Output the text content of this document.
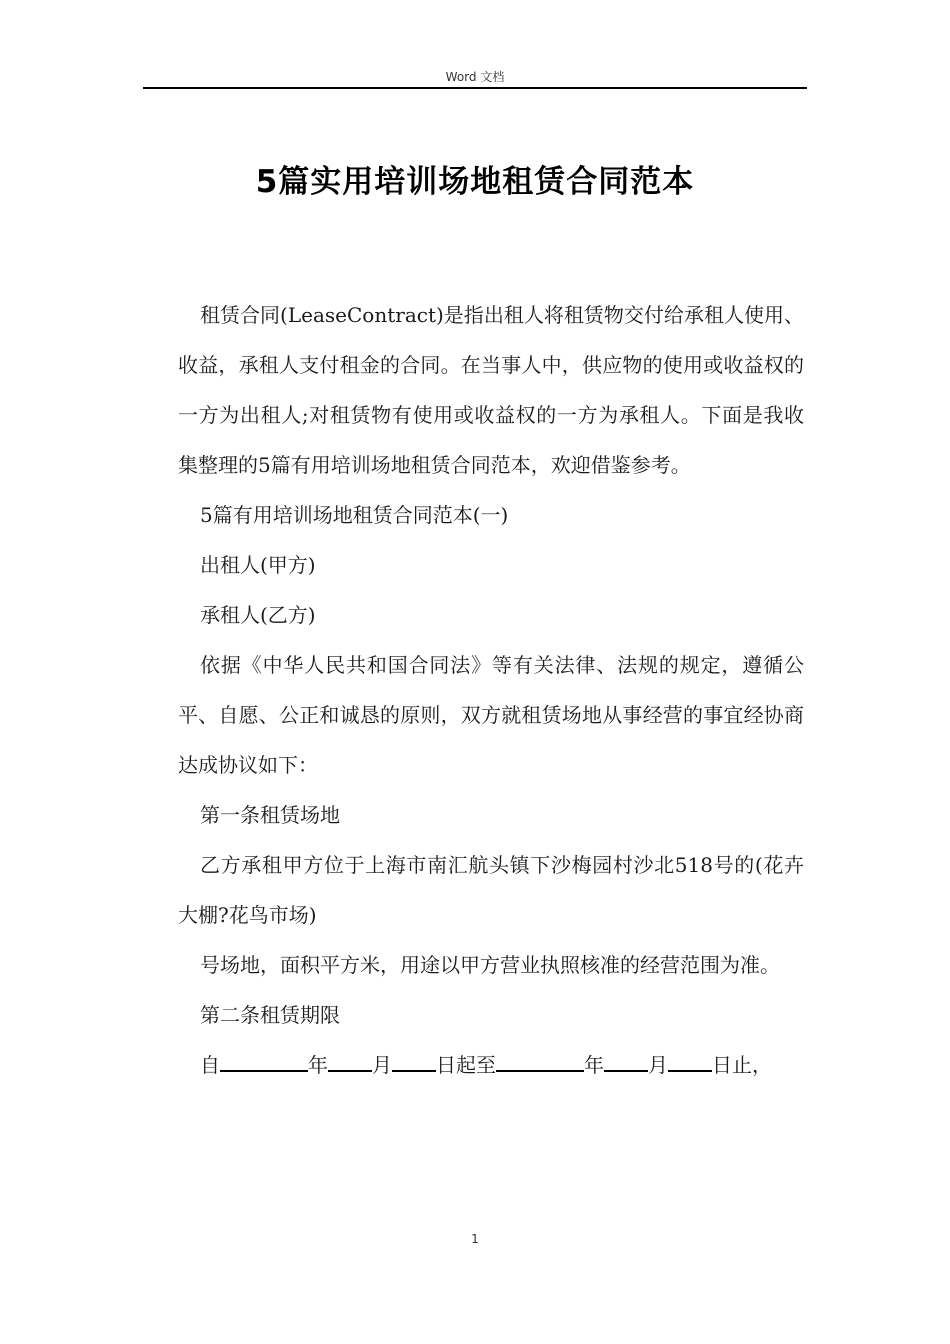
Word 文档
5篇实用培训场地租赁合同范本

租赁合同(LeaseContract)是指出租人将租赁物交付给承租人使用、收益，承租人支付租金的合同。在当事人中，供应物的使用或收益权的一方为出租人;对租赁物有使用或收益权的一方为承租人。下面是我收集整理的5篇有用培训场地租赁合同范本，欢迎借鉴参考。

5篇有用培训场地租赁合同范本(一)

出租人(甲方)

承租人(乙方)

依据《中华人民共和国合同法》等有关法律、法规的规定，遵循公平、自愿、公正和诚恳的原则，双方就租赁场地从事经营的事宜经协商达成协议如下：

第一条租赁场地

乙方承租甲方位于上海市南汇航头镇下沙梅园村沙北518号的(花卉大棚?花鸟市场)

号场地，面积平方米，用途以甲方营业执照核准的经营范围为准。

第二条租赁期限

自	年 月 日起至	年 月 日止，

1
